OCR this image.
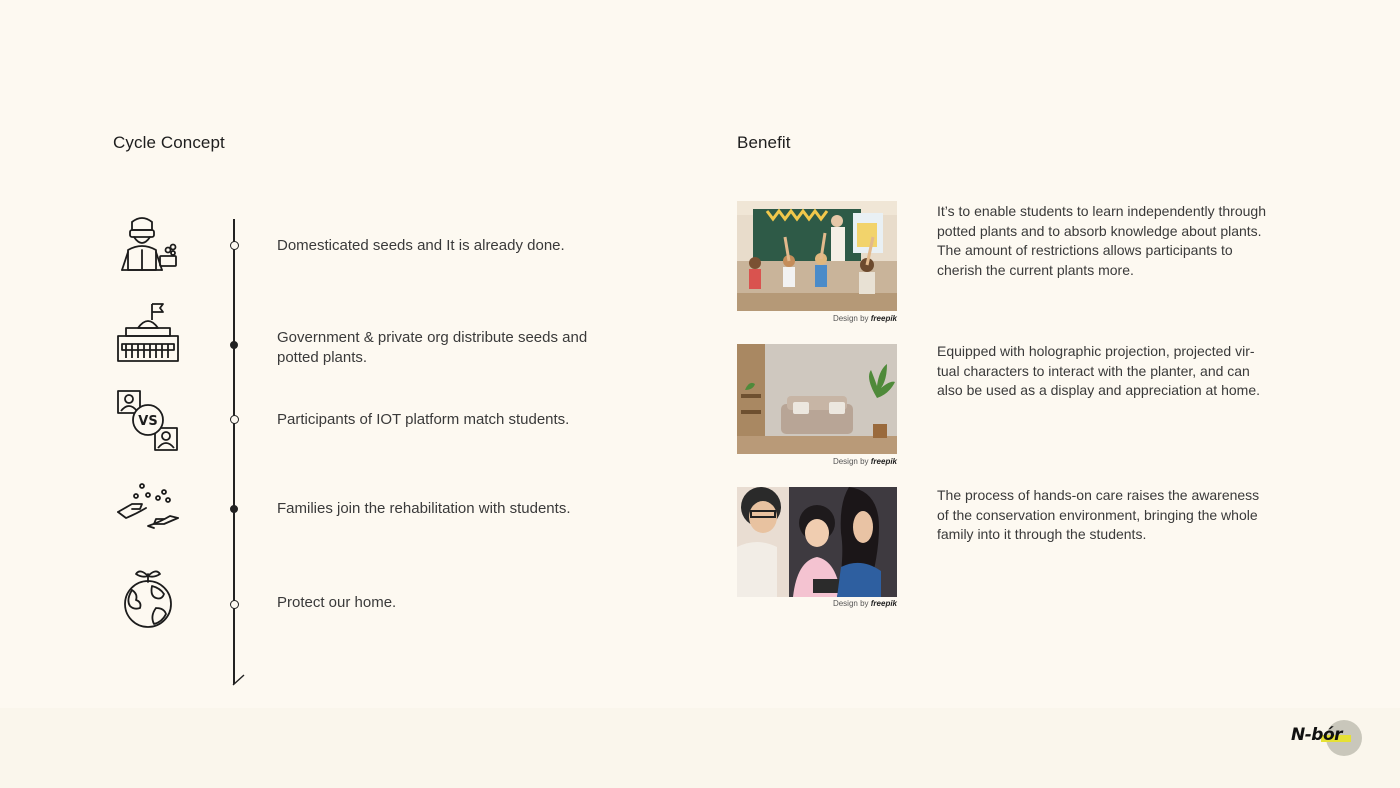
Cycle Concept	Benefit
VS
Domesticated seeds and It is already done.
Government & private org distribute seeds and potted plants.
Participants of IOT platform match students.
Families join the rehabilitation with students.
Protect our home.
Design by freepik
Design by freepik
Design by freepik
It’s to enable students to learn independently through potted plants and to absorb knowledge about plants. The amount of restrictions allows participants to cherish the current plants more.
Equipped with holographic projection, projected vir-tual characters to interact with the planter, and can also be used as a display and appreciation at home.
The process of hands-on care raises the awareness of the conservation environment, bringing the whole family into it through the students.
N-bór
